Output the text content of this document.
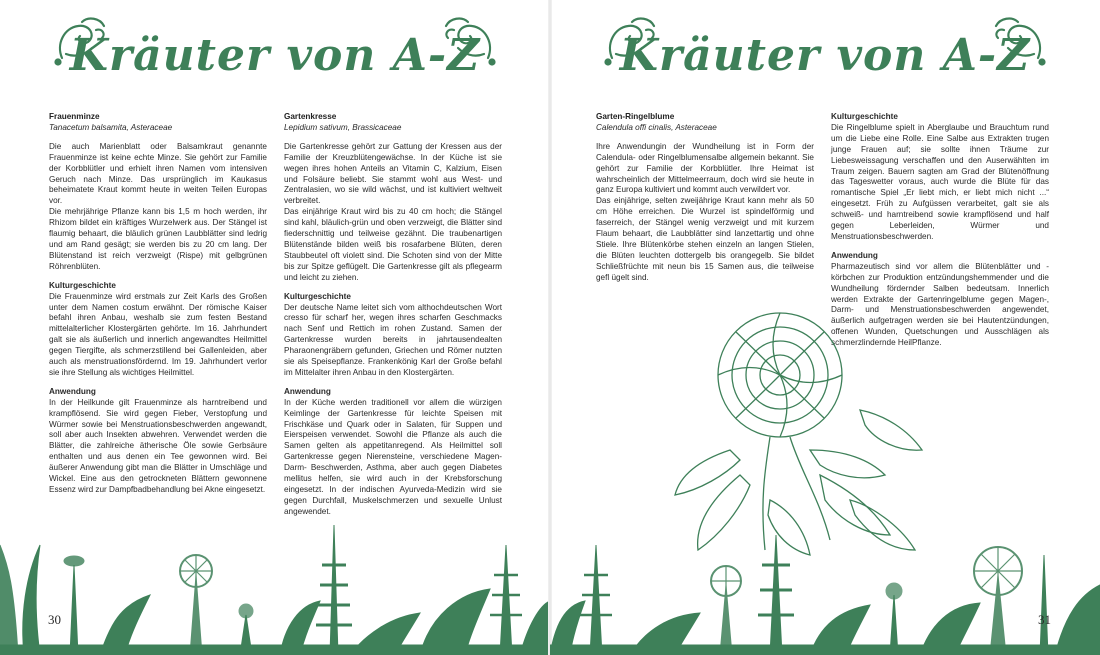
Kräuter von A-Z
Frauenminze
Tanacetum balsamita, Asteraceae

Die auch Marienblatt oder Balsamkraut genannte Frauenminze ist keine echte Minze. Sie gehört zur Familie der Korbblütler und erhielt ihren Namen vom intensiven Geruch nach Minze. Das ursprünglich im Kaukasus beheimatete Kraut kommt heute in weiten Teilen Europas vor.

Die mehrjährige Pflanze kann bis 1,5 m hoch werden, ihr Rhizom bildet ein kräftiges Wurzelwerk aus. Der Stängel ist flaumig behaart, die bläulich grünen Laubblätter sind ledrig und am Rand gesägt; sie werden bis zu 20 cm lang. Der Blütenstand ist reich verzweigt (Rispe) mit gelbgrünen Röhrenblüten.

Kulturgeschichte

Die Frauenminze wird erstmals zur Zeit Karls des Großen unter dem Namen costum erwähnt. Der römische Kaiser befahl ihren Anbau, weshalb sie zum festen Bestand mittelalterlicher Klostergärten gehörte. Im 16. Jahrhundert galt sie als äußerlich und innerlich angewandtes Heilmittel gegen Tiergifte, als schmerzstillend bei Gallenleiden, aber auch als menstruationsfördernd. Im 19. Jahrhundert verlor sie ihre Stellung als wichtiges Heilmittel.

Anwendung

In der Heilkunde gilt Frauenminze als harntreibend und krampflösend. Sie wird gegen Fieber, Verstopfung und Würmer sowie bei Menstruationsbeschwerden angewandt, soll aber auch Insekten abwehren. Verwendet werden die Blätter, die zahlreiche ätherische Öle sowie Gerbsäure enthalten und aus denen ein Tee gewonnen wird. Bei äußerer Anwendung gibt man die Blätter in Umschläge und Wickel. Eine aus den getrockneten Blättern gewonnene Essenz wird zur Dampfbadbehandlung bei Akne eingesetzt.

Gartenkresse
Lepidium sativum, Brassicaceae

Die Gartenkresse gehört zur Gattung der Kressen aus der Familie der Kreuzblütengewächse. In der Küche ist sie wegen ihres hohen Anteils an Vitamin C, Kalzium, Eisen und Folsäure beliebt. Sie stammt wohl aus West- und Zentralasien, wo sie wild wächst, und ist kultiviert weltweit verbreitet.

Das einjährige Kraut wird bis zu 40 cm hoch; die Stängel sind kahl, bläulich-grün und oben verzweigt, die Blätter sind fiederschnittig und teilweise gezähnt. Die traubenartigen Blütenstände bilden weiß bis rosafarbene Blüten, deren Staubbeutel oft violett sind. Die Schoten sind von der Mitte bis zur Spitze geflügelt. Die Gartenkresse gilt als pflegearm und leicht zu ziehen.

Kulturgeschichte

Der deutsche Name leitet sich vom althochdeutschen Wort cresso für scharf her, wegen ihres scharfen Geschmacks nach Senf und Rettich im rohen Zustand. Samen der Gartenkresse wurden bereits in jahrtausendealten Pharaonengräbern gefunden, Griechen und Römer nutzten sie als Speisepflanze. Frankenkönig Karl der Große befahl im Mittelalter ihren Anbau in den Klostergärten.

Anwendung

In der Küche werden traditionell vor allem die würzigen Keimlinge der Gartenkresse für leichte Speisen mit Frischkäse und Quark oder in Salaten, für Suppen und Eierspeisen verwendet. Sowohl die Pflanze als auch die Samen gelten als appetitanregend. Als Heilmittel soll Gartenkresse gegen Nierensteine, verschiedene Magen-Darm- Beschwerden, Asthma, aber auch gegen Diabetes mellitus helfen, sie wird auch in der Krebsforschung eingesetzt. In der indischen Ayurveda-Medizin wird sie gegen Durchfall, Muskelschmerzen und sexuelle Unlust angewendet.

30
Kräuter von A-Z
Garten-Ringelblume
Calendula offi cinalis, Asteraceae

Ihre Anwendungin der Wundheilung ist in Form der Calendula- oder Ringelblumensalbe allgemein bekannt. Sie gehört zur Familie der Korbblütler. Ihre Heimat ist wahrscheinlich der Mittelmeerraum, doch wird sie heute in ganz Europa kultiviert und kommt auch verwildert vor.

Das einjährige, selten zweijährige Kraut kann mehr als 50 cm Höhe erreichen. Die Wurzel ist spindelförmig und faserreich, der Stängel wenig verzweigt und mit kurzem Flaum behaart, die Laubblätter sind lanzettartig und ohne Stiele. Ihre Blütenkörbe stehen einzeln an langen Stielen, die Blüten leuchten dottergelb bis orangegelb. Sie bildet Schließfrüchte mit neun bis 15 Samen aus, die teilweise gefl ügelt sind.

Kulturgeschichte

Die Ringelblume spielt in Aberglaube und Brauchtum rund um die Liebe eine Rolle. Eine Salbe aus Extrakten trugen junge Frauen auf; sie sollte ihnen Träume zur Liebesweissagung verschaffen und den Auserwählten im Traum zeigen. Bauern sagten am Grad der Blütenöffnung das Tageswetter voraus, auch wurde die Blüte für das romantische Spiel „Er liebt mich, er liebt mich nicht ...“ eingesetzt. Früh zu Aufgüssen verarbeitet, galt sie als schweiß- und harntreibend sowie krampflösend und half gegen Leberleiden, Würmer und Menstruationsbeschwerden.

Anwendung

Pharmazeutisch sind vor allem die Blütenblätter und -körbchen zur Produktion entzündungshemmender und die Wundheilung fördernder Salben bedeutsam. Innerlich werden Extrakte der Gartenringelblume gegen Magen-, Darm- und Menstruationsbeschwerden angewendet, äußerlich aufgetragen werden sie bei Hautentzündungen, offenen Wunden, Quetschungen und Ausschlägen als schmerzlindernde HeilPflanze.

31
